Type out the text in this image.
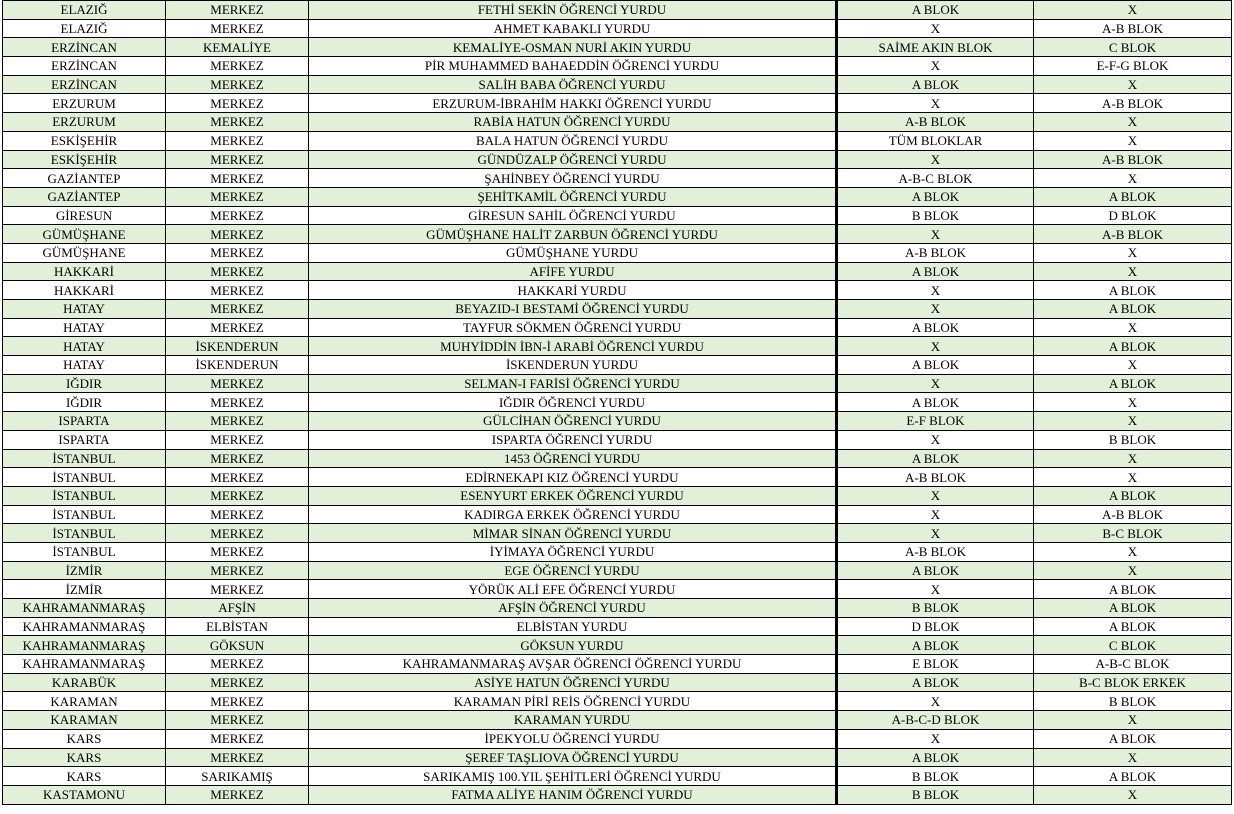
ELAZIĞ	MERKEZ	FETHİ SEKİN ÖĞRENCİ YURDU	A BLOK	X
ELAZIĞ	MERKEZ	AHMET KABAKLI YURDU	X	A-B BLOK
ERZİNCAN	KEMALİYE	KEMALİYE-OSMAN NURİ AKIN YURDU	SAİME AKIN BLOK	C BLOK
ERZİNCAN	MERKEZ	PİR MUHAMMED BAHAEDDİN ÖĞRENCİ YURDU	X	E-F-G BLOK
ERZİNCAN	MERKEZ	SALİH BABA ÖĞRENCİ YURDU	A BLOK	X
ERZURUM	MERKEZ	ERZURUM-İBRAHİM HAKKI ÖĞRENCİ YURDU	X	A-B BLOK
ERZURUM	MERKEZ	RABİA HATUN ÖĞRENCİ YURDU	A-B BLOK	X
ESKİŞEHİR	MERKEZ	BALA HATUN ÖĞRENCİ YURDU	TÜM BLOKLAR	X
ESKİŞEHİR	MERKEZ	GÜNDÜZALP ÖĞRENCİ YURDU	X	A-B BLOK
GAZİANTEP	MERKEZ	ŞAHİNBEY ÖĞRENCİ YURDU	A-B-C BLOK	X
GAZİANTEP	MERKEZ	ŞEHİTKAMİL ÖĞRENCİ YURDU	A BLOK	A BLOK
GİRESUN	MERKEZ	GİRESUN SAHİL ÖĞRENCİ YURDU	B BLOK	D BLOK
GÜMÜŞHANE	MERKEZ	GÜMÜŞHANE HALİT ZARBUN ÖĞRENCİ YURDU	X	A-B BLOK
GÜMÜŞHANE	MERKEZ	GÜMÜŞHANE YURDU	A-B BLOK	X
HAKKARİ	MERKEZ	AFİFE YURDU	A BLOK	X
HAKKARİ	MERKEZ	HAKKARİ YURDU	X	A BLOK
HATAY	MERKEZ	BEYAZID-I BESTAMİ ÖĞRENCİ YURDU	X	A BLOK
HATAY	MERKEZ	TAYFUR SÖKMEN ÖĞRENCİ YURDU	A BLOK	X
HATAY	İSKENDERUN	MUHYİDDİN İBN-İ ARABİ ÖĞRENCİ YURDU	X	A BLOK
HATAY	İSKENDERUN	İSKENDERUN YURDU	A BLOK	X
IĞDIR	MERKEZ	SELMAN-I FARİSİ ÖĞRENCİ YURDU	X	A BLOK
IĞDIR	MERKEZ	IĞDIR ÖĞRENCİ YURDU	A BLOK	X
ISPARTA	MERKEZ	GÜLCİHAN ÖĞRENCİ YURDU	E-F BLOK	X
ISPARTA	MERKEZ	ISPARTA ÖĞRENCİ YURDU	X	B BLOK
İSTANBUL	MERKEZ	1453 ÖĞRENCİ YURDU	A BLOK	X
İSTANBUL	MERKEZ	EDİRNEKAPI KIZ ÖĞRENCİ YURDU	A-B BLOK	X
İSTANBUL	MERKEZ	ESENYURT ERKEK ÖĞRENCİ YURDU	X	A BLOK
İSTANBUL	MERKEZ	KADIRGA ERKEK ÖĞRENCİ YURDU	X	A-B BLOK
İSTANBUL	MERKEZ	MİMAR SİNAN ÖĞRENCİ YURDU	X	B-C BLOK
İSTANBUL	MERKEZ	İYİMAYA ÖĞRENCİ YURDU	A-B BLOK	X
İZMİR	MERKEZ	EGE ÖĞRENCİ YURDU	A BLOK	X
İZMİR	MERKEZ	YÖRÜK ALİ EFE ÖĞRENCİ YURDU	X	A BLOK
KAHRAMANMARAŞ	AFŞİN	AFŞİN ÖĞRENCİ YURDU	B BLOK	A BLOK
KAHRAMANMARAŞ	ELBİSTAN	ELBİSTAN YURDU	D BLOK	A BLOK
KAHRAMANMARAŞ	GÖKSUN	GÖKSUN YURDU	A BLOK	C BLOK
KAHRAMANMARAŞ	MERKEZ	KAHRAMANMARAŞ AVŞAR ÖĞRENCİ ÖĞRENCİ YURDU	E BLOK	A-B-C BLOK
KARABÜK	MERKEZ	ASİYE HATUN ÖĞRENCİ YURDU	A BLOK	B-C BLOK ERKEK
KARAMAN	MERKEZ	KARAMAN PİRİ REİS ÖĞRENCİ YURDU	X	B BLOK
KARAMAN	MERKEZ	KARAMAN YURDU	A-B-C-D BLOK	X
KARS	MERKEZ	İPEKYOLU ÖĞRENCİ YURDU	X	A BLOK
KARS	MERKEZ	ŞEREF TAŞLIOVA ÖĞRENCİ YURDU	A BLOK	X
KARS	SARIKAMIŞ	SARIKAMIŞ 100.YIL ŞEHİTLERİ ÖĞRENCİ YURDU	B BLOK	A BLOK
KASTAMONU	MERKEZ	FATMA ALİYE HANIM ÖĞRENCİ YURDU	B BLOK	X
